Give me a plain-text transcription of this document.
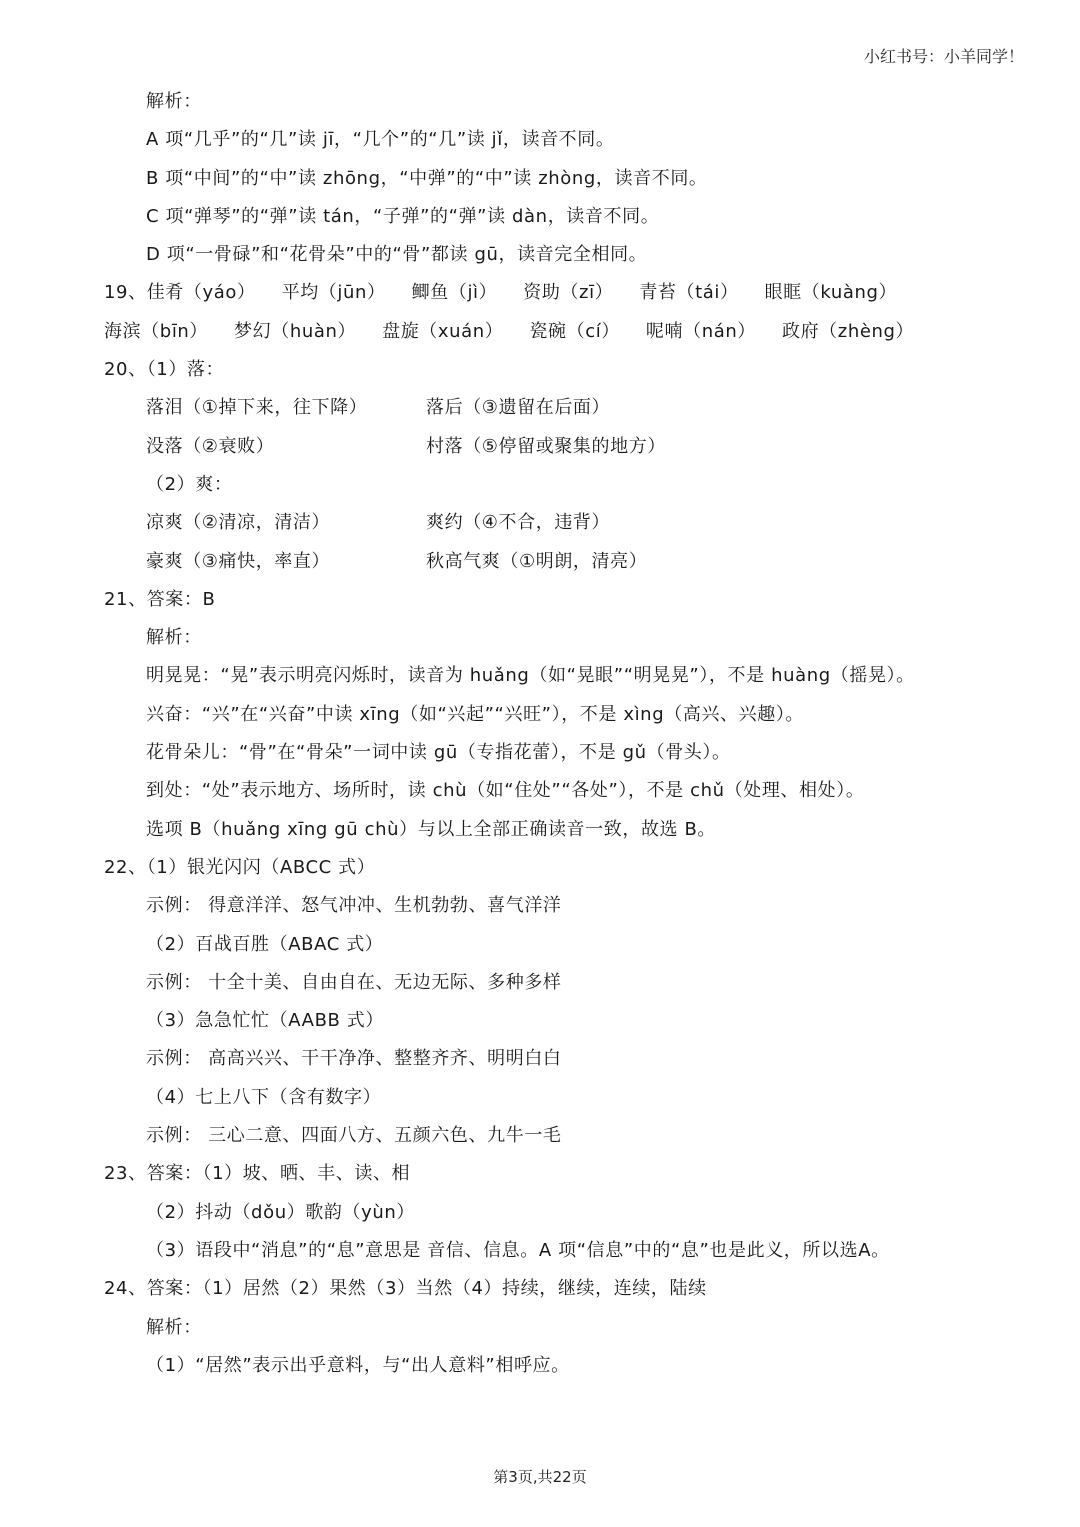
小红书号：小羊同学！
解析：
A 项“几乎”的“几”读 jī，“几个”的“几”读 jǐ，读音不同。
B 项“中间”的“中”读 zhōng，“中弹”的“中”读 zhòng，读音不同。
C 项“弹琴”的“弹”读 tán，“子弹”的“弹”读 dàn，读音不同。
D 项“一骨碌”和“花骨朵”中的“骨”都读 gū，读音完全相同。
19、佳肴（yáo） 平均（jūn） 鲫鱼（jì） 资助（zī） 青苔（tái） 眼眶（kuàng）
海滨（bīn） 梦幻（huàn） 盘旋（xuán） 瓷碗（cí） 呢喃（nán） 政府（zhèng）
20、（1）落：
落泪（①掉下来，往下降）	落后（③遗留在后面）
没落（②衰败）	村落（⑤停留或聚集的地方）
（2）爽：
凉爽（②清凉，清洁）	爽约（④不合，违背）
豪爽（③痛快，率直）	秋高气爽（①明朗，清亮）
21、答案：B
解析：
明晃晃：“晃”表示明亮闪烁时，读音为 huǎng（如“晃眼”“明晃晃”），不是 huàng（摇晃）。
兴奋：“兴”在“兴奋”中读 xīng（如“兴起”“兴旺”），不是 xìng（高兴、兴趣）。
花骨朵儿：“骨”在“骨朵”一词中读 gū（专指花蕾），不是 gǔ（骨头）。
到处：“处”表示地方、场所时，读 chù（如“住处”“各处”），不是 chǔ（处理、相处）。
选项 B（huǎng xīng gū chù）与以上全部正确读音一致，故选 B。
22、（1）银光闪闪（ABCC 式）
示例： 得意洋洋、怒气冲冲、生机勃勃、喜气洋洋
（2）百战百胜（ABAC 式）
示例： 十全十美、自由自在、无边无际、多种多样
（3）急急忙忙（AABB 式）
示例： 高高兴兴、干干净净、整整齐齐、明明白白
（4）七上八下（含有数字）
示例： 三心二意、四面八方、五颜六色、九牛一毛
23、答案：（1）坡、晒、丰、读、相
（2）抖动（dǒu）歌韵（yùn）
（3）语段中“消息”的“息”意思是 音信、信息。A 项“信息”中的“息”也是此义，所以选A。
24、答案：（1）居然（2）果然（3）当然（4）持续，继续，连续，陆续
解析：
（1）“居然”表示出乎意料，与“出人意料”相呼应。
第3页,共22页
